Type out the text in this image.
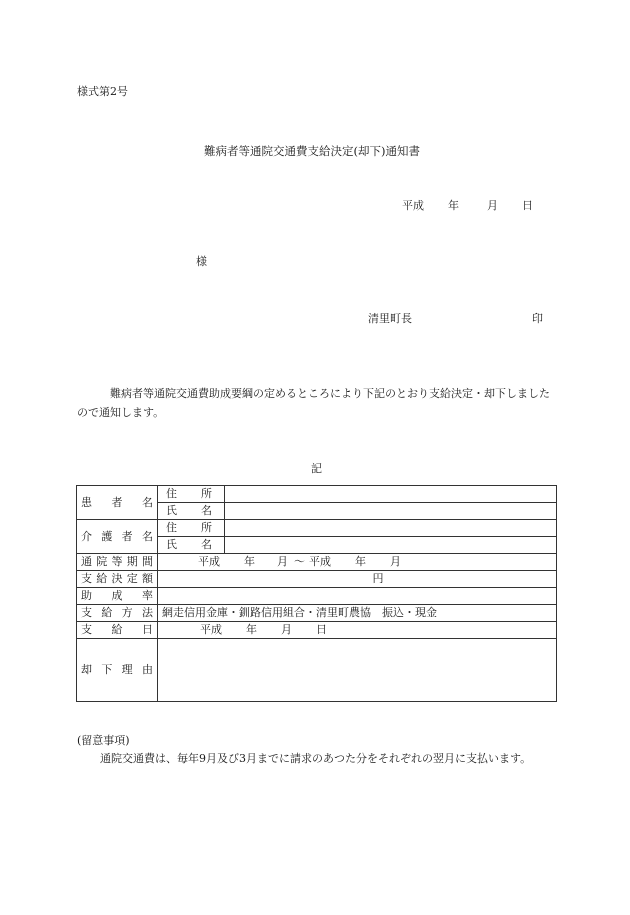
様式第2号
難病者等通院交通費支給決定(却下)通知書
平成 年	月 日
様
清里町長	印
難病者等通院交通費助成要綱の定めるところにより下記のとおり支給決定・却下しましたので通知します。
記
患 者 名	住 所	

	氏 名	

介 護 者 名	住 所	

	氏 名	

通院等期間	平成 年 月 ～ 平成 年 月	
支給決定額	円	
助 成 率		
支 給 方 法	網走信用金庫・釧路信用組合・清里町農協　振込・現金	
支 給 日	平成 年 月 日	
却 下 理 由		
(留意事項)
通院交通費は、毎年9月及び3月までに請求のあつた分をそれぞれの翌月に支払います。
